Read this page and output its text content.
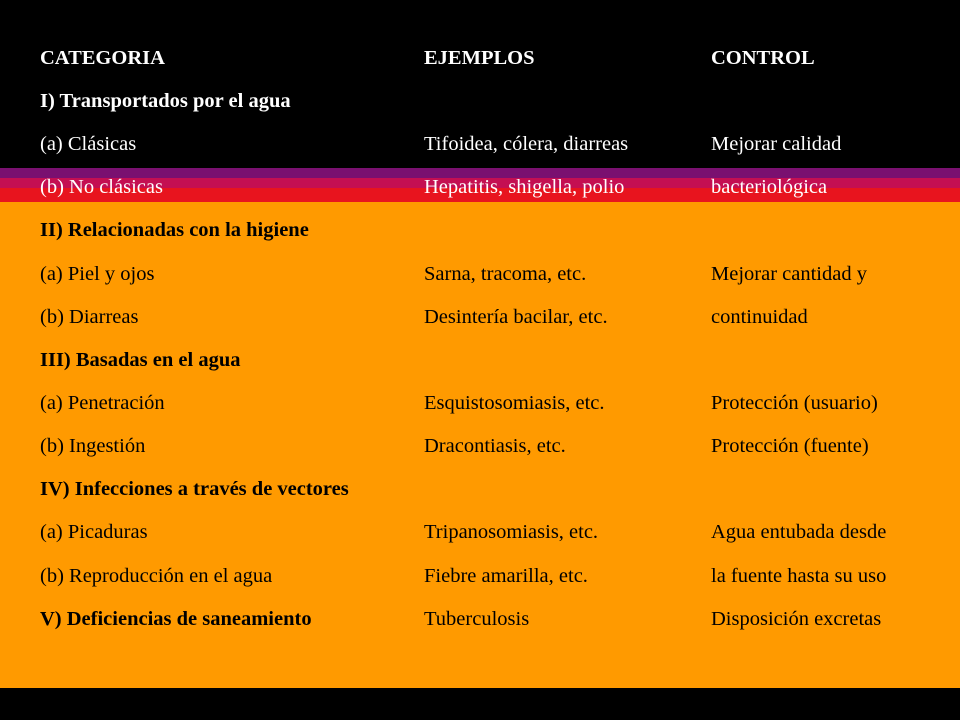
CATEGORIA	EJEMPLOS	CONTROL
I) Transportados por el agua
(a) Clásicas	Tifoidea, cólera, diarreas	Mejorar calidad
(b) No clásicas	Hepatitis, shigella, polio	bacteriológica
II) Relacionadas con la higiene
(a) Piel y ojos	Sarna, tracoma, etc.	Mejorar cantidad y
(b) Diarreas	Desintería bacilar, etc.	continuidad
III) Basadas en el agua
(a) Penetración	Esquistosomiasis, etc.	Protección (usuario)
(b) Ingestión	Dracontiasis, etc.	Protección (fuente)
IV) Infecciones a través de vectores
(a) Picaduras	Tripanosomiasis, etc.	Agua entubada desde
(b) Reproducción en el agua	Fiebre amarilla, etc.	la fuente hasta su uso
V) Deficiencias de saneamiento	Tuberculosis	Disposición excretas
